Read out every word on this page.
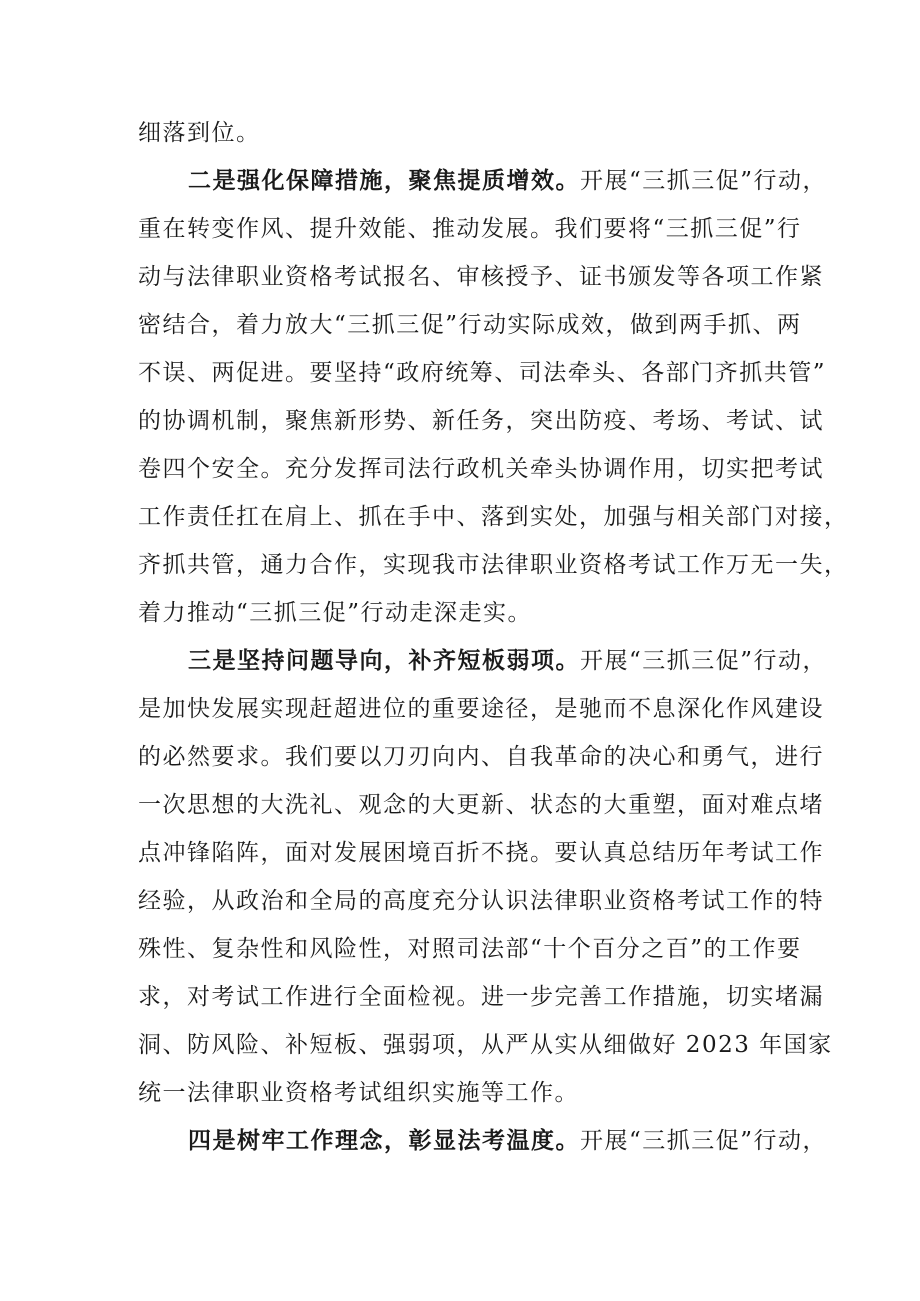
细落到位。
二是强化保障措施，聚焦提质增效。开展“三抓三促”行动，
重在转变作风、提升效能、推动发展。我们要将“三抓三促”行
动与法律职业资格考试报名、审核授予、证书颁发等各项工作紧
密结合，着力放大“三抓三促”行动实际成效，做到两手抓、两
不误、两促进。要坚持“政府统筹、司法牵头、各部门齐抓共管”
的协调机制，聚焦新形势、新任务，突出防疫、考场、考试、试
卷四个安全。充分发挥司法行政机关牵头协调作用，切实把考试
工作责任扛在肩上、抓在手中、落到实处，加强与相关部门对接，
齐抓共管，通力合作，实现我市法律职业资格考试工作万无一失，
着力推动“三抓三促”行动走深走实。
三是坚持问题导向，补齐短板弱项。开展“三抓三促”行动，
是加快发展实现赶超进位的重要途径，是驰而不息深化作风建设
的必然要求。我们要以刀刃向内、自我革命的决心和勇气，进行
一次思想的大洗礼、观念的大更新、状态的大重塑，面对难点堵
点冲锋陷阵，面对发展困境百折不挠。要认真总结历年考试工作
经验，从政治和全局的高度充分认识法律职业资格考试工作的特
殊性、复杂性和风险性，对照司法部“十个百分之百”的工作要
求，对考试工作进行全面检视。进一步完善工作措施，切实堵漏
洞、防风险、补短板、强弱项，从严从实从细做好 2023 年国家
统一法律职业资格考试组织实施等工作。
四是树牢工作理念，彰显法考温度。开展“三抓三促”行动，
